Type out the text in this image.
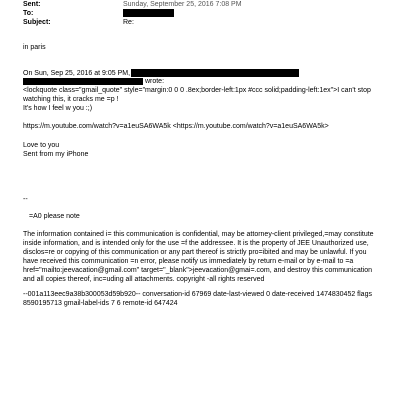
Sent:	Sunday, September 25, 2016 7:08 PM
To:
Subject:	Re:
in paris
On Sun, Sep 25, 2016 at 9:05 PM,
wrote:
<lockquote class="gmail_quote" style="margin:0 0 0 .8ex;border-left:1px #ccc solid;padding-left:1ex">I can't stop
watching this, it cracks me =p !
It's how I feel w you :;)
https://m.youtube.com/watch?v=a1euSA6WA5k <https://m.youtube.com/watch?v=a1euSA6WA5k>
Love to you
Sent from my iPhone
--
=A0 please note
The information contained i= this communication is confidential, may be attorney-client privileged,=may constitute inside information, and is intended only for the use =f the addressee. It is the property of JEE Unauthorized use, disclos=re or copying of this communication or any part thereof is strictly pro=ibited and may be unlawful. If you have received this communication =n error, please notify us immediately by return e-mail or by e-mail to =a href="mailto:jeevacation@gmail.com" target="_blank">jeevacation@gmai=.com, and destroy this communication and all copies thereof, inc=uding all attachments. copyright -all rights reserved
--001a113eec9a38b300053d59b920-- conversation-id 67969 date-last-viewed 0 date-received 1474830452 flags
8590195713 gmail-label-ids 7 6 remote-id 647424
